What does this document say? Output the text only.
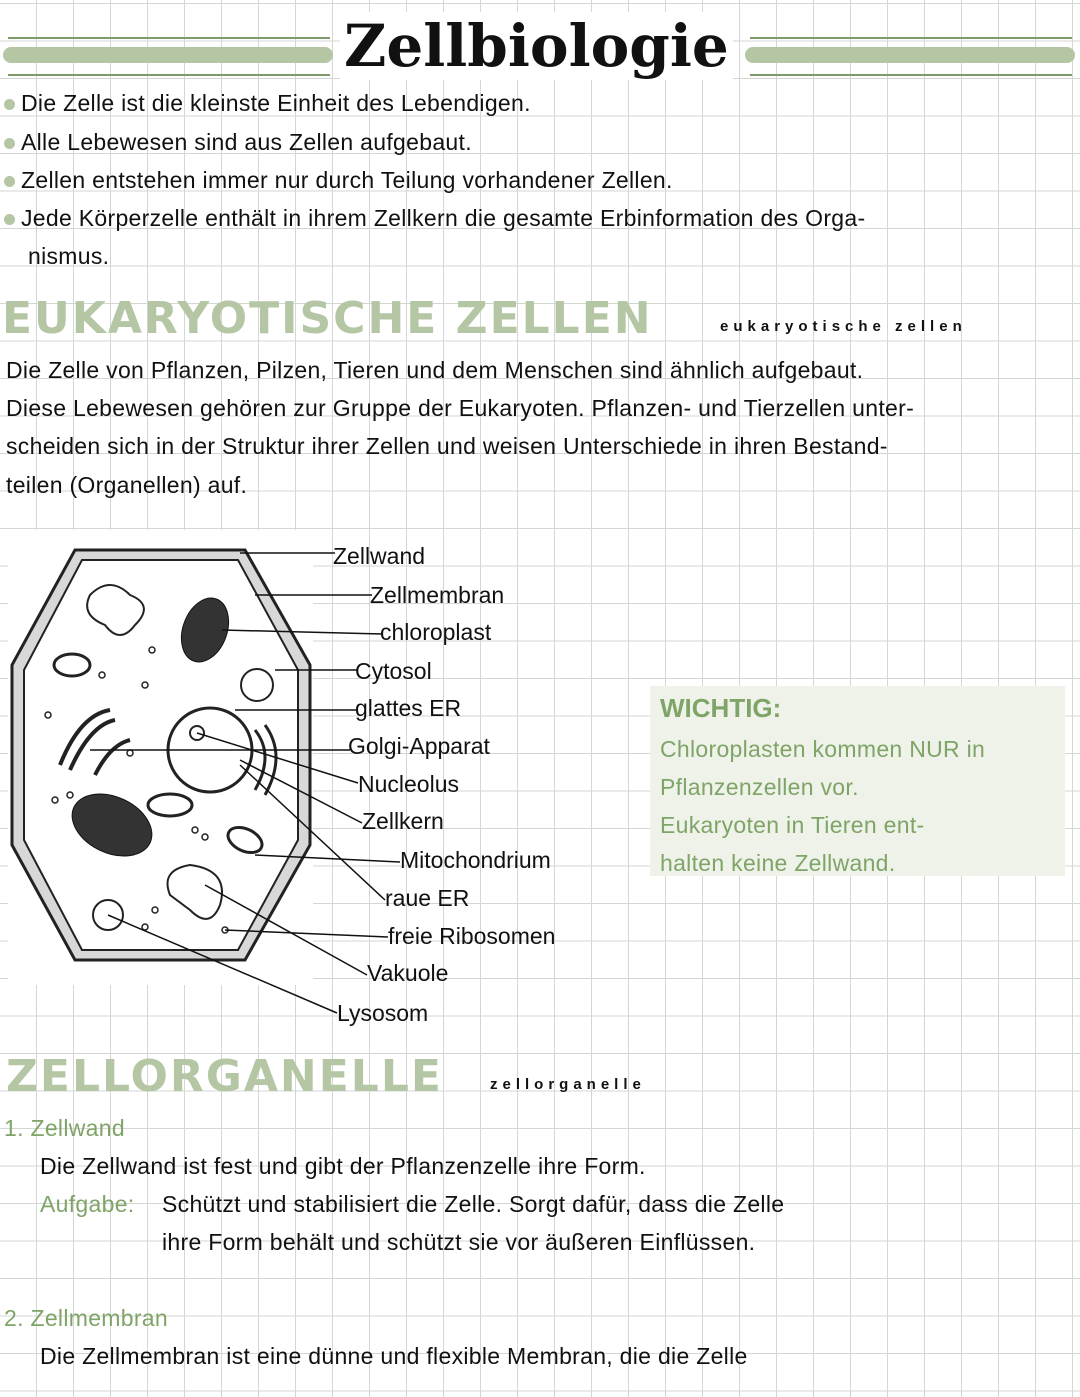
Zellbiologie
Die Zelle ist die kleinste Einheit des Lebendigen.
Alle Lebewesen sind aus Zellen aufgebaut.
Zellen entstehen immer nur durch Teilung vorhandener Zellen.
Jede Körperzelle enthält in ihrem Zellkern die gesamte Erbinformation des Orga-
nismus.
EUKARYOTISCHE ZELLEN	eukaryotische zellen
Die Zelle von Pflanzen, Pilzen, Tieren und dem Menschen sind ähnlich aufgebaut.
Diese Lebewesen gehören zur Gruppe der Eukaryoten. Pflanzen- und Tierzellen unter-
scheiden sich in der Struktur ihrer Zellen und weisen Unterschiede in ihren Bestand-
teilen (Organellen) auf.
Zellwand
Zellmembran
chloroplast
Cytosol
glattes ER
Golgi-Apparat
Nucleolus
Zellkern
Mitochondrium
raue ER
freie Ribosomen
Vakuole
Lysosom
WICHTIG:
Chloroplasten kommen NUR in
Pflanzenzellen vor.
Eukaryoten in Tieren ent-
halten keine Zellwand.
ZELLORGANELLE	zellorganelle
1. Zellwand
Die Zellwand ist fest und gibt der Pflanzenzelle ihre Form.
Aufgabe: Schützt und stabilisiert die Zelle. Sorgt dafür, dass die Zelle
ihre Form behält und schützt sie vor äußeren Einflüssen.
2. Zellmembran
Die Zellmembran ist eine dünne und flexible Membran, die die Zelle
